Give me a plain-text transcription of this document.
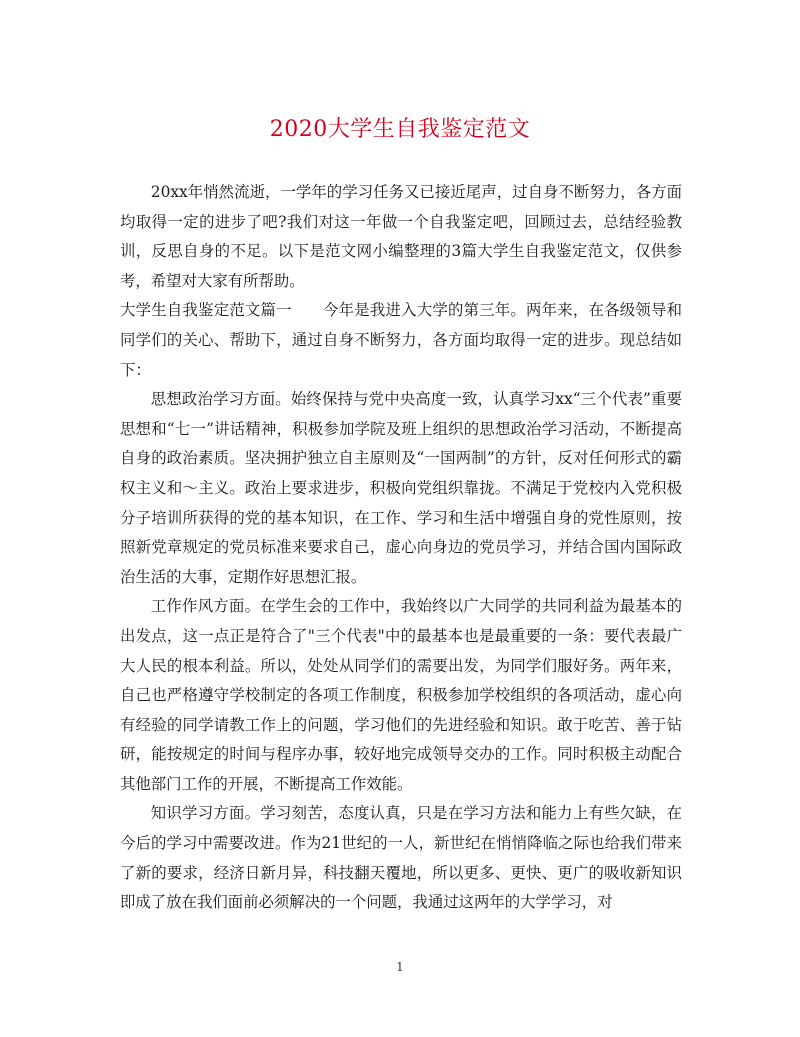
2020大学生自我鉴定范文

20xx年悄然流逝，一学年的学习任务又已接近尾声，过自身不断努力，各方面均取得一定的进步了吧?我们对这一年做一个自我鉴定吧，回顾过去，总结经验教训，反思自身的不足。以下是范文网小编整理的3篇大学生自我鉴定范文，仅供参考，希望对大家有所帮助。

大学生自我鉴定范文篇一　　今年是我进入大学的第三年。两年来，在各级领导和同学们的关心、帮助下，通过自身不断努力，各方面均取得一定的进步。现总结如下：

思想政治学习方面。始终保持与党中央高度一致，认真学习xx“三个代表”重要思想和“七一”讲话精神，积极参加学院及班上组织的思想政治学习活动，不断提高自身的政治素质。坚决拥护独立自主原则及“一国两制”的方针，反对任何形式的霸权主义和～主义。政治上要求进步，积极向党组织靠拢。不满足于党校内入党积极分子培训所获得的党的基本知识，在工作、学习和生活中增强自身的党性原则，按照新党章规定的党员标准来要求自己，虚心向身边的党员学习，并结合国内国际政治生活的大事，定期作好思想汇报。

工作作风方面。在学生会的工作中，我始终以广大同学的共同利益为最基本的出发点，这一点正是符合了"三个代表"中的最基本也是最重要的一条：要代表最广大人民的根本利益。所以，处处从同学们的需要出发，为同学们服好务。两年来，自己也严格遵守学校制定的各项工作制度，积极参加学校组织的各项活动，虚心向有经验的同学请教工作上的问题，学习他们的先进经验和知识。敢于吃苦、善于钻研，能按规定的时间与程序办事，较好地完成领导交办的工作。同时积极主动配合其他部门工作的开展，不断提高工作效能。

知识学习方面。学习刻苦，态度认真，只是在学习方法和能力上有些欠缺，在今后的学习中需要改进。作为21世纪的一人，新世纪在悄悄降临之际也给我们带来了新的要求，经济日新月异，科技翻天覆地，所以更多、更快、更广的吸收新知识即成了放在我们面前必须解决的一个问题，我通过这两年的大学学习，对

1
